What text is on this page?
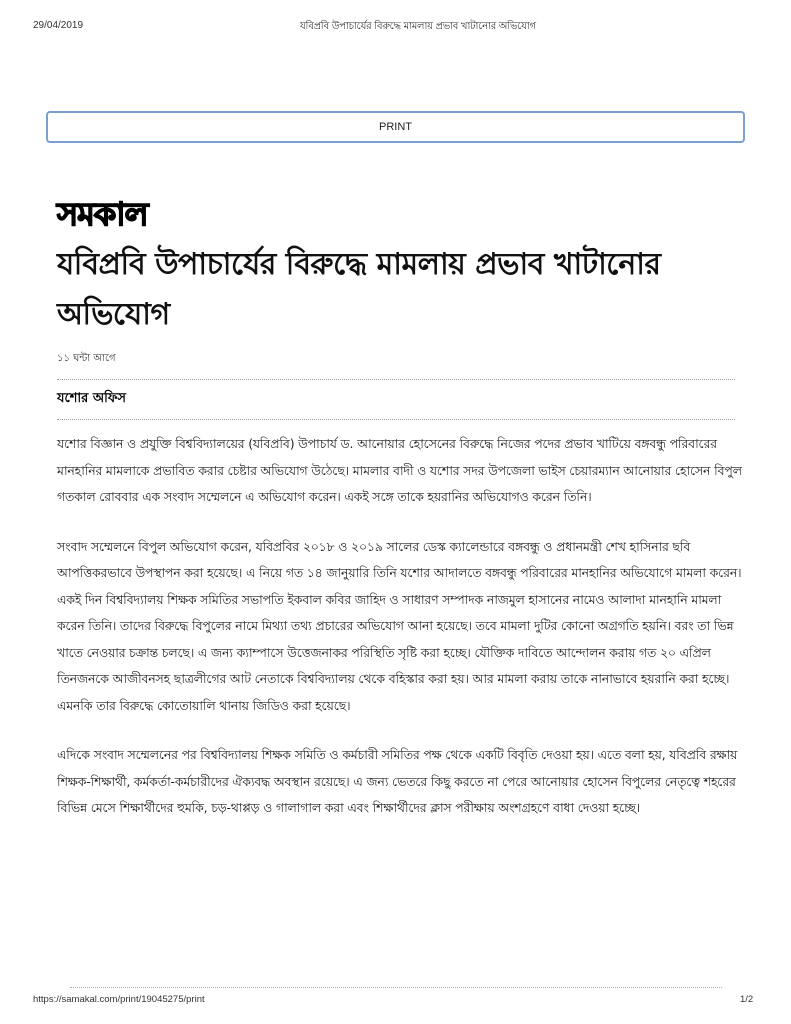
29/04/2019	যবিপ্রবি উপাচার্যের বিরুদ্ধে মামলায় প্রভাব খাটানোর অভিযোগ
PRINT
সমকাল
যবিপ্রবি উপাচার্যের বিরুদ্ধে মামলায় প্রভাব খাটানোর অভিযোগ
১১ ঘন্টা আগে
যশোর অফিস

যশোর বিজ্ঞান ও প্রযুক্তি বিশ্ববিদ্যালয়ের (যবিপ্রবি) উপাচার্য ড. আনোয়ার হোসেনের বিরুদ্ধে নিজের পদের প্রভাব খাটিয়ে বঙ্গবন্ধু পরিবারের মানহানির মামলাকে প্রভাবিত করার চেষ্টার অভিযোগ উঠেছে। মামলার বাদী ও যশোর সদর উপজেলা ভাইস চেয়ারম্যান আনোয়ার হোসেন বিপুল গতকাল রোববার এক সংবাদ সম্মেলনে এ অভিযোগ করেন। একই সঙ্গে তাকে হয়রানির অভিযোগও করেন তিনি।

সংবাদ সম্মেলনে বিপুল অভিযোগ করেন, যবিপ্রবির ২০১৮ ও ২০১৯ সালের ডেস্ক ক্যালেন্ডারে বঙ্গবন্ধু ও প্রধানমন্ত্রী শেখ হাসিনার ছবি আপত্তিকরভাবে উপস্থাপন করা হয়েছে। এ নিয়ে গত ১৪ জানুয়ারি তিনি যশোর আদালতে বঙ্গবন্ধু পরিবারের মানহানির অভিযোগে মামলা করেন। একই দিন বিশ্ববিদ্যালয় শিক্ষক সমিতির সভাপতি ইকবাল কবির জাহিদ ও সাধারণ সম্পাদক নাজমুল হাসানের নামেও আলাদা মানহানি মামলা করেন তিনি। তাদের বিরুদ্ধে বিপুলের নামে মিথ্যা তথ্য প্রচারের অভিযোগ আনা হয়েছে। তবে মামলা দুটির কোনো অগ্রগতি হয়নি। বরং তা ভিন্ন খাতে নেওয়ার চক্রান্ত চলছে। এ জন্য ক্যাম্পাসে উত্তেজনাকর পরিস্থিতি সৃষ্টি করা হচ্ছে। যৌক্তিক দাবিতে আন্দোলন করায় গত ২০ এপ্রিল তিনজনকে আজীবনসহ ছাত্রলীগের আট নেতাকে বিশ্ববিদ্যালয় থেকে বহিস্কার করা হয়। আর মামলা করায় তাকে নানাভাবে হয়রানি করা হচ্ছে। এমনকি তার বিরুদ্ধে কোতোয়ালি থানায় জিডিও করা হয়েছে।

এদিকে সংবাদ সম্মেলনের পর বিশ্ববিদ্যালয় শিক্ষক সমিতি ও কর্মচারী সমিতির পক্ষ থেকে একটি বিবৃতি দেওয়া হয়। এতে বলা হয়, যবিপ্রবি রক্ষায় শিক্ষক-শিক্ষার্থী, কর্মকর্তা-কর্মচারীদের ঐক্যবদ্ধ অবস্থান রয়েছে। এ জন্য ভেতরে কিছু করতে না পেরে আনোয়ার হোসেন বিপুলের নেতৃত্বে শহরের বিভিন্ন মেসে শিক্ষার্থীদের হুমকি, চড়-থাপ্পড় ও গালাগাল করা এবং শিক্ষার্থীদের ক্লাস পরীক্ষায় অংশগ্রহণে বাধা দেওয়া হচ্ছে।

https://samakal.com/print/19045275/print	1/2
